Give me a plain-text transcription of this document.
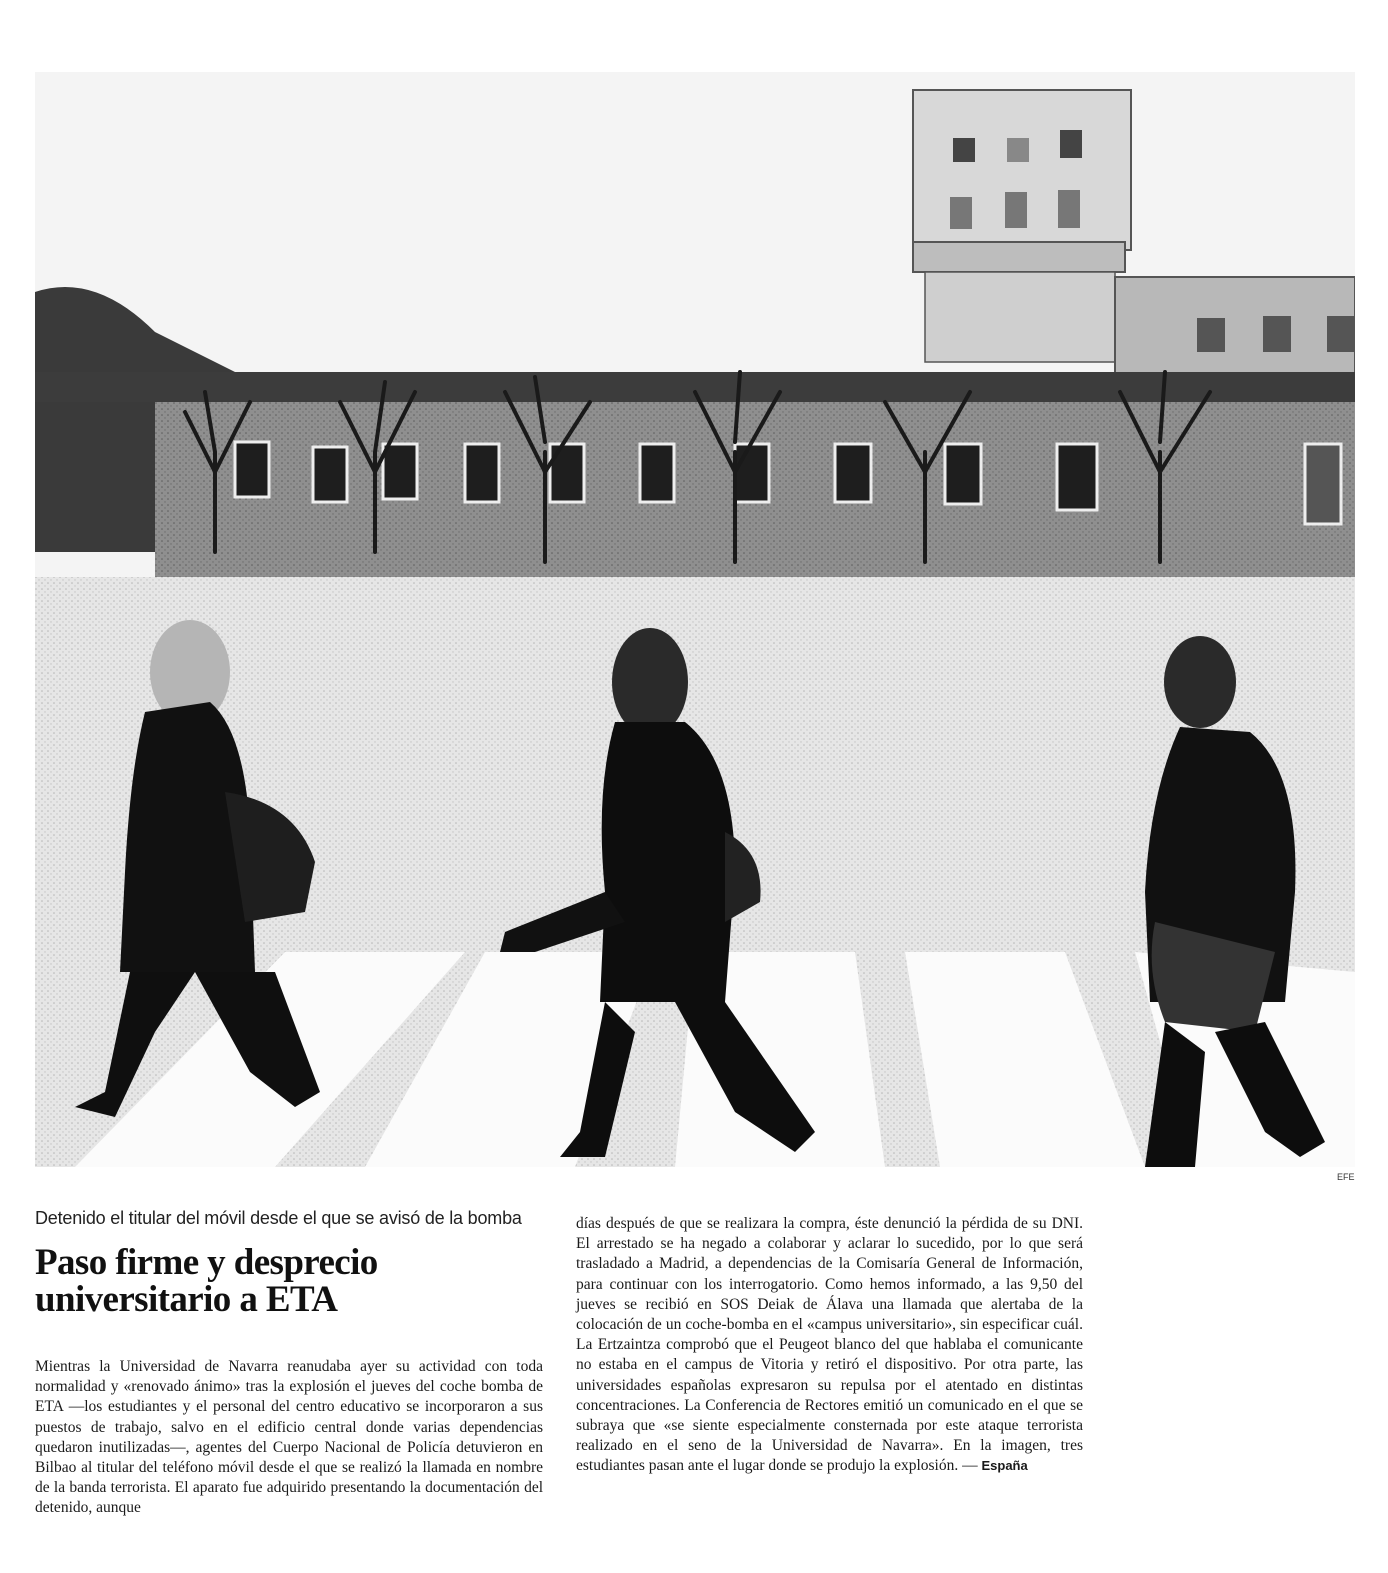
EFE
Detenido el titular del móvil desde el que se avisó de la bomba
Paso firme y desprecio universitario a ETA

Mientras la Universidad de Navarra reanudaba ayer su actividad con toda normalidad y «renovado ánimo» tras la explosión el jueves del coche bomba de ETA —los estudiantes y el personal del centro educativo se incorporaron a sus puestos de trabajo, salvo en el edificio central donde varias dependencias quedaron inutilizadas—, agentes del Cuerpo Nacional de Policía detuvieron en Bilbao al titular del teléfono móvil desde el que se realizó la llamada en nombre de la banda terrorista. El aparato fue adquirido presentando la documentación del detenido, aunque

días después de que se realizara la compra, éste denunció la pérdida de su DNI. El arrestado se ha negado a colaborar y aclarar lo sucedido, por lo que será trasladado a Madrid, a dependencias de la Comisaría General de Información, para continuar con los interrogatorio. Como hemos informado, a las 9,50 del jueves se recibió en SOS Deiak de Álava una llamada que alertaba de la colocación de un coche-bomba en el «campus universitario», sin especificar cuál. La Ertzaintza comprobó que el Peugeot blanco del que hablaba el comunicante no estaba en el campus de Vitoria y retiró el dispositivo. Por otra parte, las universidades españolas expresaron su repulsa por el atentado en distintas concentraciones. La Conferencia de Rectores emitió un comunicado en el que se subraya que «se siente especialmente consternada por este ataque terrorista realizado en el seno de la Universidad de Navarra». En la imagen, tres estudiantes pasan ante el lugar donde se produjo la explosión. — España
